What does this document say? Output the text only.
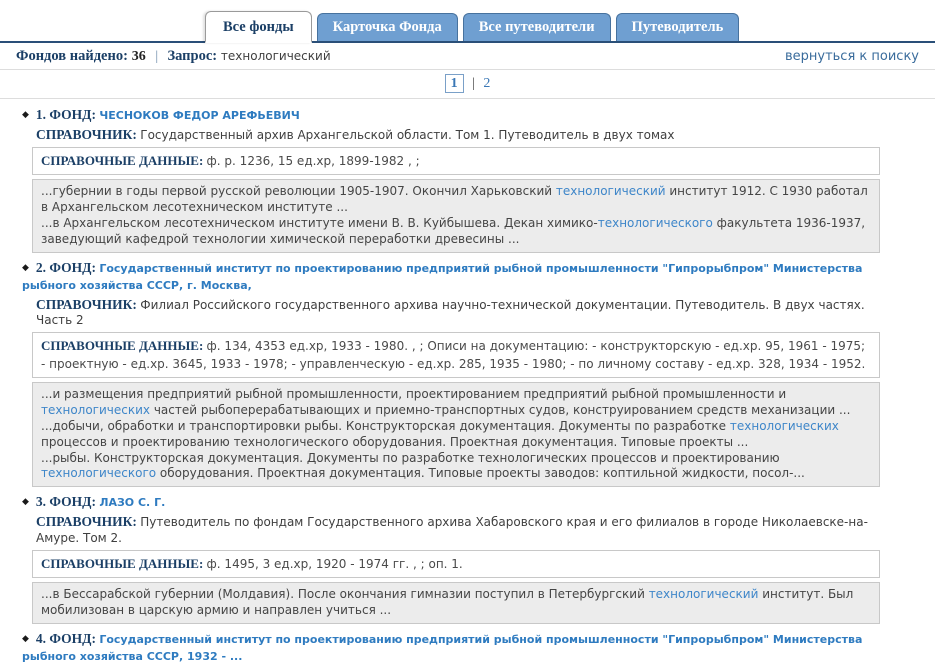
Все фонды	Карточка Фонда	Все путеводители	Путеводитель
Фондов найдено: 36 | Запрос: технологический	вернуться к поиску
1 | 2
◆ 1. ФОНД: ЧЕСНОКОВ ФЕДОР АРЕФЬЕВИЧ
СПРАВОЧНИК: Государственный архив Архангельской области. Том 1. Путеводитель в двух томах
СПРАВОЧНЫЕ ДАННЫЕ: ф. р. 1236, 15 ед.хр, 1899-1982 , ;

...губернии в годы первой русской революции 1905-1907. Окончил Харьковский технологический институт 1912. С 1930 работал в Архангельском лесотехническом институте ...

...в Архангельском лесотехническом институте имени В. В. Куйбышева. Декан химико-технологического факультета 1936-1937, заведующий кафедрой технологии химической переработки древесины ...

◆ 2. ФОНД: Государственный институт по проектированию предприятий рыбной промышленности "Гипрорыбпром" Министерства рыбного хозяйства СССР, г. Москва,
СПРАВОЧНИК: Филиал Российского государственного архива научно-технической документации. Путеводитель. В двух частях. Часть 2
СПРАВОЧНЫЕ ДАННЫЕ: ф. 134, 4353 ед.хр, 1933 - 1980. , ; Описи на документацию: - конструкторскую - ед.хр. 95, 1961 - 1975; - проектную - ед.хр. 3645, 1933 - 1978; - управленческую - ед.хр. 285, 1935 - 1980; - по личному составу - ед.хр. 328, 1934 - 1952.

...и размещения предприятий рыбной промышленности, проектированием предприятий рыбной промышленности и технологических частей рыбоперерабатывающих и приемно-транспортных судов, конструированием средств механизации ...

...добычи, обработки и транспортировки рыбы. Конструкторская документация. Документы по разработке технологических процессов и проектированию технологического оборудования. Проектная документация. Типовые проекты ...

...рыбы. Конструкторская документация. Документы по разработке технологических процессов и проектированию технологического оборудования. Проектная документация. Типовые проекты заводов: коптильной жидкости, посол-...

◆ 3. ФОНД: ЛАЗО С. Г.
СПРАВОЧНИК: Путеводитель по фондам Государственного архива Хабаровского края и его филиалов в городе Николаевске-на-Амуре. Том 2.
СПРАВОЧНЫЕ ДАННЫЕ: ф. 1495, 3 ед.хр, 1920 - 1974 гг. , ; оп. 1.

...в Бессарабской губернии (Молдавия). После окончания гимназии поступил в Петербургский технологический институт. Был мобилизован в царскую армию и направлен учиться ...

◆ 4. ФОНД: Государственный институт по проектированию предприятий рыбной промышленности "Гипрорыбпром" Министерства рыбного хозяйства СССР, 1932 - ...
